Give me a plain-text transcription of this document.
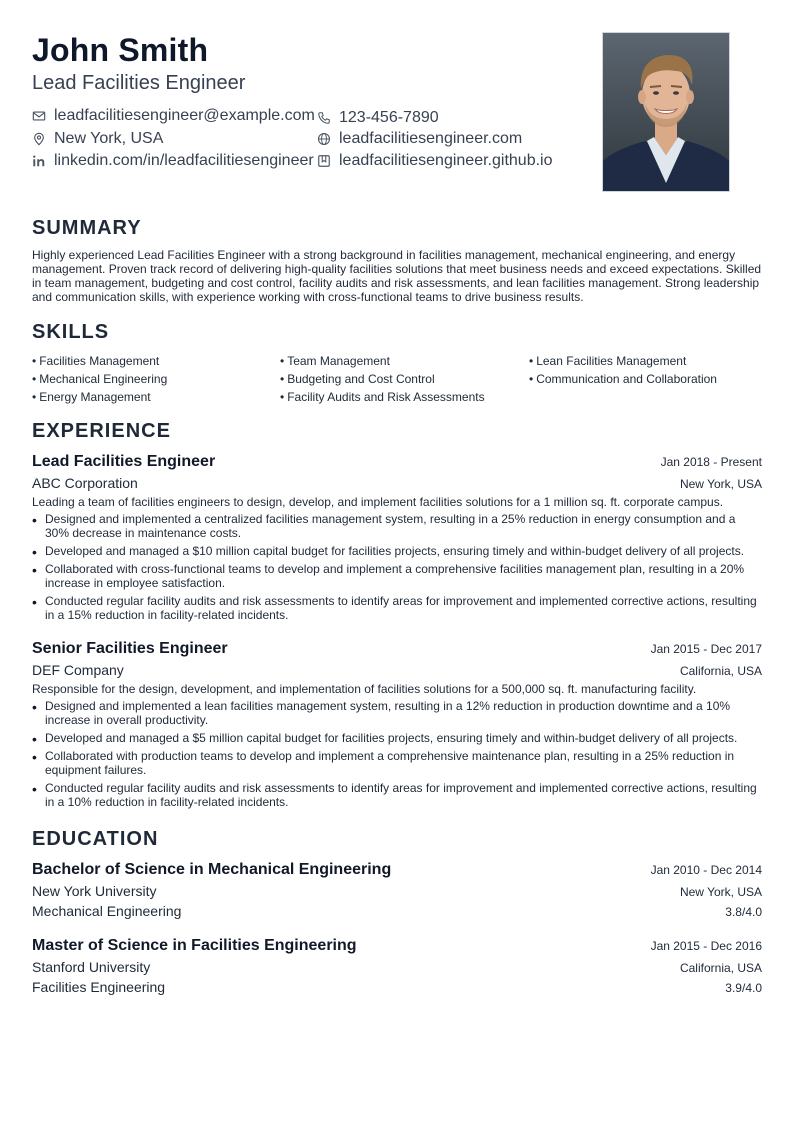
John Smith
Lead Facilities Engineer
leadfacilitiesengineer@example.com 123-456-7890
New York, USA	leadfacilitiesengineer.com
linkedin.com/in/leadfacilitiesengineer leadfacilitiesengineer.github.io
SUMMARY
Highly experienced Lead Facilities Engineer with a strong background in facilities management, mechanical engineering, and energy management. Proven track record of delivering high-quality facilities solutions that meet business needs and exceed expectations. Skilled in team management, budgeting and cost control, facility audits and risk assessments, and lean facilities management. Strong leadership and communication skills, with experience working with cross-functional teams to drive business results.
SKILLS
• Facilities Management	• Team Management	• Lean Facilities Management
• Mechanical Engineering	• Budgeting and Cost Control	• Communication and Collaboration
• Energy Management	• Facility Audits and Risk Assessments
EXPERIENCE
Lead Facilities Engineer	Jan 2018 - Present
ABC Corporation	New York, USA
Leading a team of facilities engineers to design, develop, and implement facilities solutions for a 1 million sq. ft. corporate campus.
• Designed and implemented a centralized facilities management system, resulting in a 25% reduction in energy consumption and a 30% decrease in maintenance costs.
• Developed and managed a $10 million capital budget for facilities projects, ensuring timely and within-budget delivery of all projects.
• Collaborated with cross-functional teams to develop and implement a comprehensive facilities management plan, resulting in a 20% increase in employee satisfaction.
• Conducted regular facility audits and risk assessments to identify areas for improvement and implemented corrective actions, resulting in a 15% reduction in facility-related incidents.
Senior Facilities Engineer	Jan 2015 - Dec 2017
DEF Company	California, USA
Responsible for the design, development, and implementation of facilities solutions for a 500,000 sq. ft. manufacturing facility.
• Designed and implemented a lean facilities management system, resulting in a 12% reduction in production downtime and a 10% increase in overall productivity.
• Developed and managed a $5 million capital budget for facilities projects, ensuring timely and within-budget delivery of all projects.
• Collaborated with production teams to develop and implement a comprehensive maintenance plan, resulting in a 25% reduction in equipment failures.
• Conducted regular facility audits and risk assessments to identify areas for improvement and implemented corrective actions, resulting in a 10% reduction in facility-related incidents.
EDUCATION
Bachelor of Science in Mechanical Engineering	Jan 2010 - Dec 2014
New York University	New York, USA
Mechanical Engineering	3.8/4.0
Master of Science in Facilities Engineering	Jan 2015 - Dec 2016
Stanford University	California, USA
Facilities Engineering	3.9/4.0
